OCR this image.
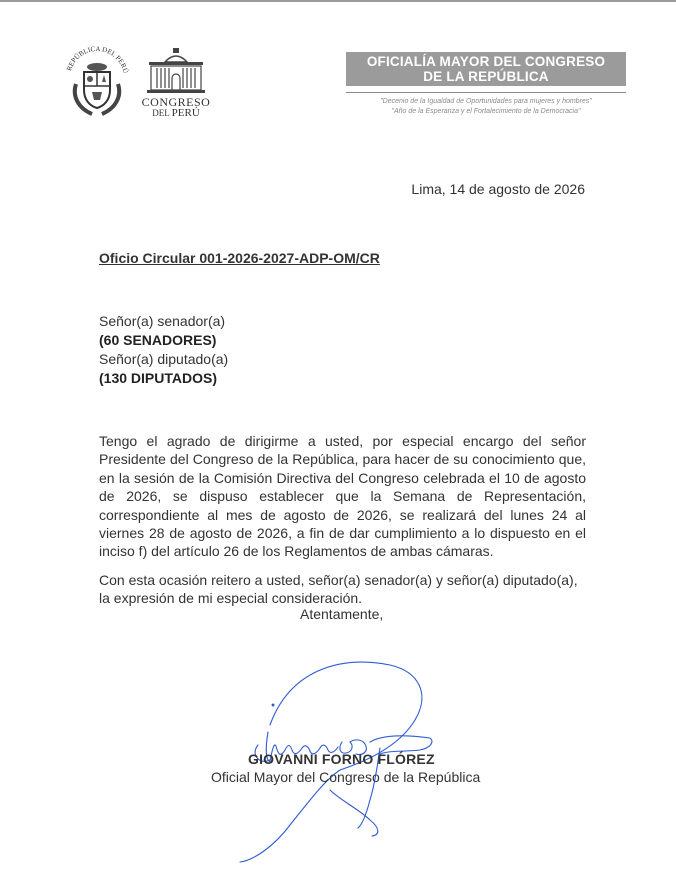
REPÚBLICA DEL PERÚ
CONGRESO
DEL PERÚ
OFICIALÍA MAYOR DEL CONGRESO
DE LA REPÚBLICA
"Decenio de la Igualdad de Oportunidades para mujeres y hombres"
"Año de la Esperanza y el Fortalecimiento de la Democracia"
Lima, 14 de agosto de 2026
Oficio Circular 001-2026-2027-ADP-OM/CR
Señor(a) senador(a)
(60 SENADORES)
Señor(a) diputado(a)
(130 DIPUTADOS)

Tengo el agrado de dirigirme a usted, por especial encargo del señor Presidente del Congreso de la República, para hacer de su conocimiento que, en la sesión de la Comisión Directiva del Congreso celebrada el 10 de agosto de 2026, se dispuso establecer que la Semana de Representación, correspondiente al mes de agosto de 2026, se realizará del lunes 24 al viernes 28 de agosto de 2026, a fin de dar cumplimiento a lo dispuesto en el inciso f) del artículo 26 de los Reglamentos de ambas cámaras.

Con esta ocasión reitero a usted, señor(a) senador(a) y señor(a) diputado(a), la expresión de mi especial consideración.

Atentamente,
GIOVANNI FORNO FLÓREZ
Oficial Mayor del Congreso de la República
